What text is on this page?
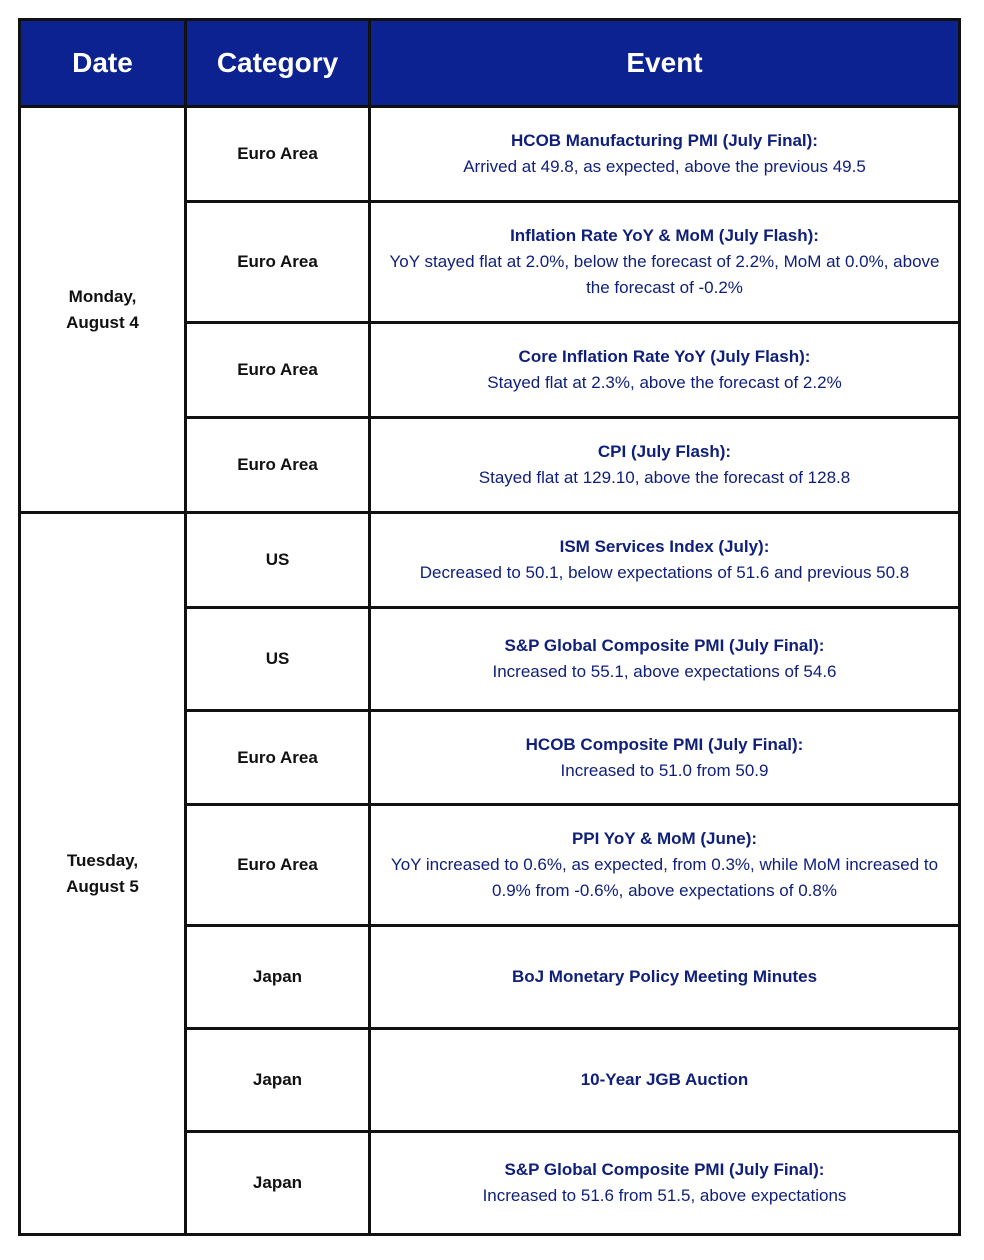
Date	Category	Event

Monday,
August 4	Euro Area	HCOB Manufacturing PMI (July Final):
Arrived at 49.8, as expected, above the previous 49.5

	Euro Area	Inflation Rate YoY & MoM (July Flash):
YoY stayed flat at 2.0%, below the forecast of 2.2%, MoM at 0.0%, above the forecast of -0.2%

	Euro Area	Core Inflation Rate YoY (July Flash):
Stayed flat at 2.3%, above the forecast of 2.2%

	Euro Area	CPI (July Flash):
Stayed flat at 129.10, above the forecast of 128.8

Tuesday,
August 5	US	ISM Services Index (July):
Decreased to 50.1, below expectations of 51.6 and previous 50.8

	US	S&P Global Composite PMI (July Final):
Increased to 55.1, above expectations of 54.6

	Euro Area	HCOB Composite PMI (July Final):
Increased to 51.0 from 50.9

	Euro Area	PPI YoY & MoM (June):
YoY increased to 0.6%, as expected, from 0.3%, while MoM increased to 0.9% from -0.6%, above expectations of 0.8%

	Japan	BoJ Monetary Policy Meeting Minutes

	Japan	10-Year JGB Auction

	Japan	S&P Global Composite PMI (July Final):
Increased to 51.6 from 51.5, above expectations
